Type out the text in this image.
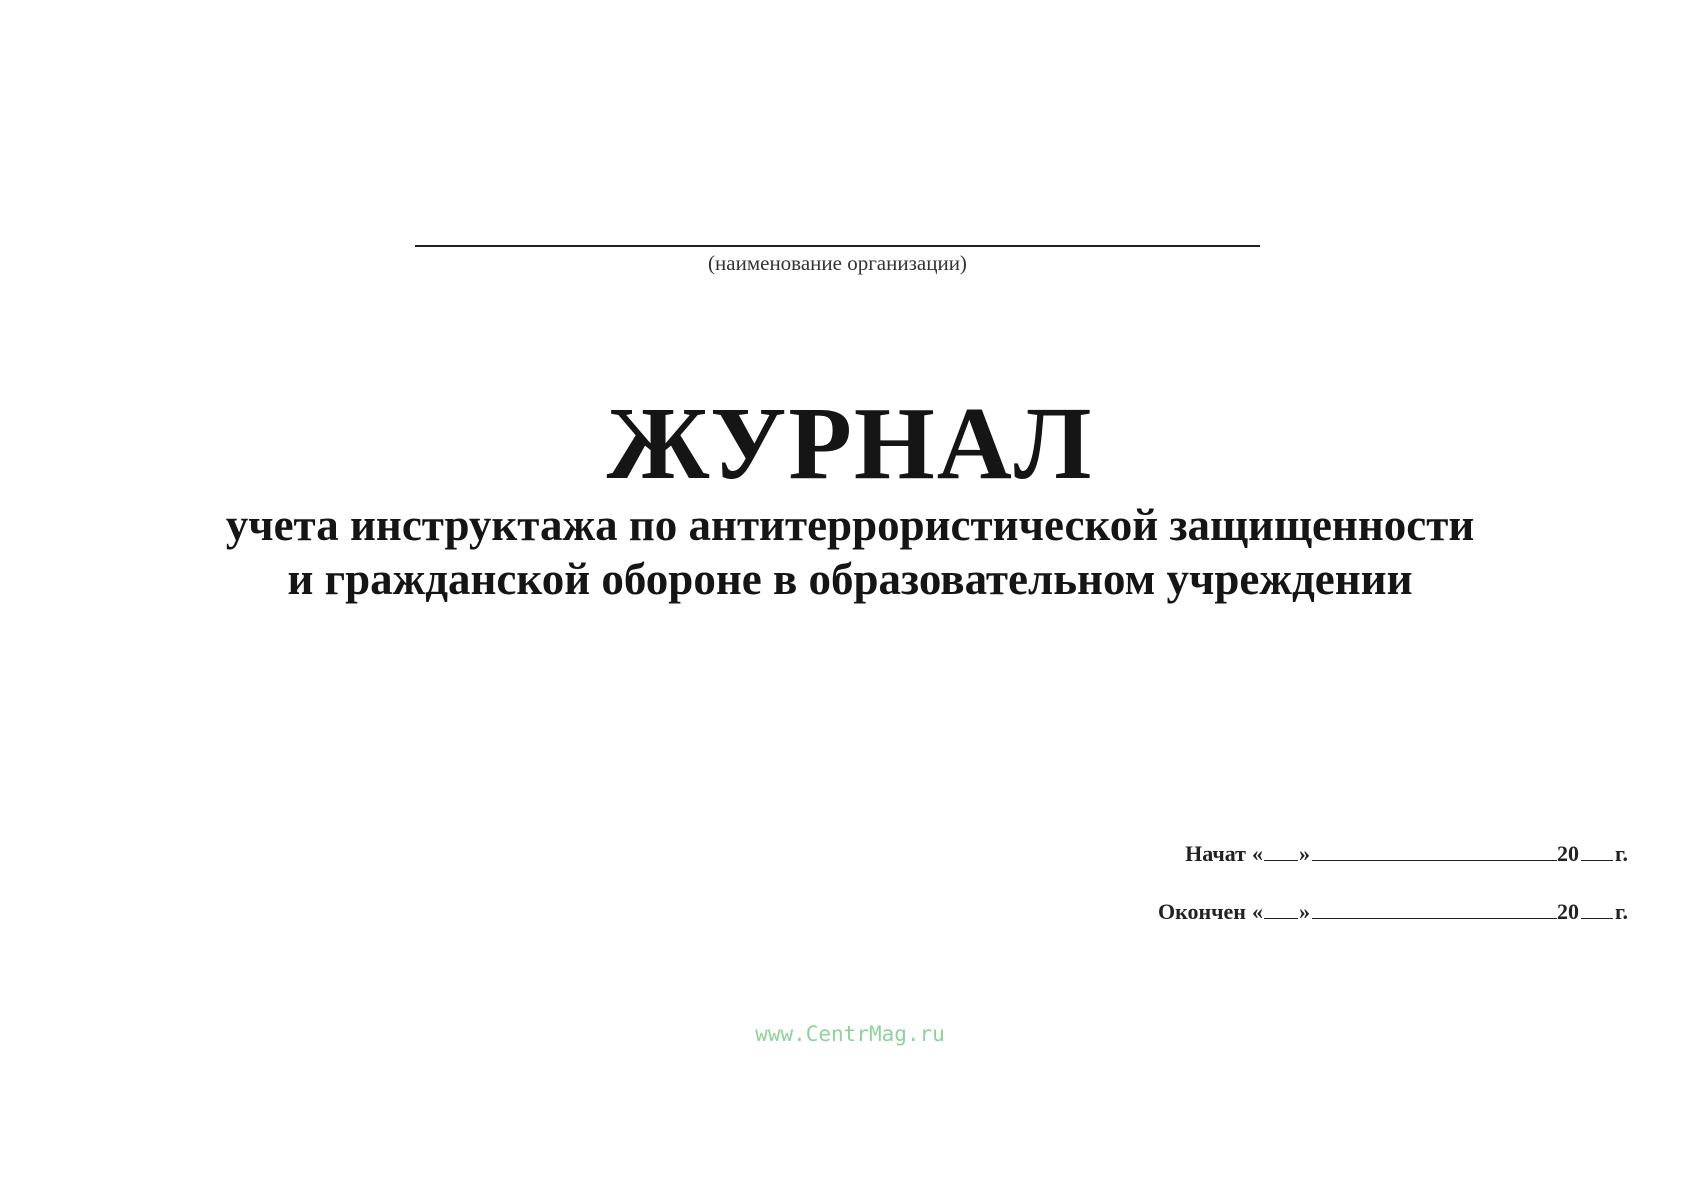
(наименование организации)
ЖУРНАЛ
учета инструктажа по антитеррористической защищенности
и гражданской обороне в образовательном учреждении
Начат « »	20 г.
Окончен « »	20 г.
www.CentrMag.ru
